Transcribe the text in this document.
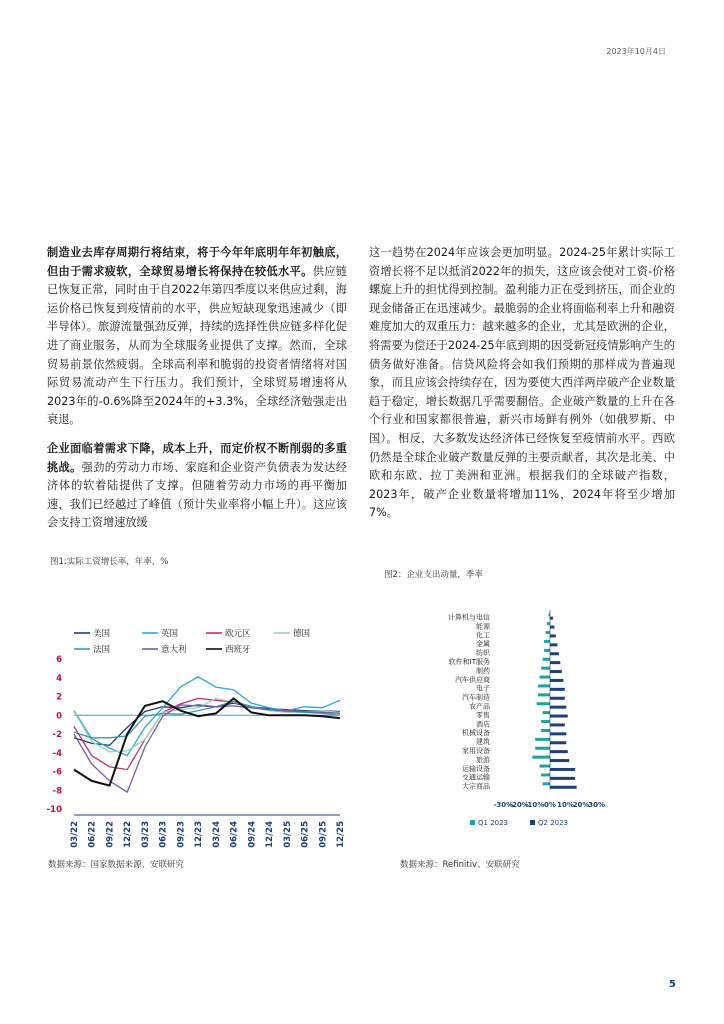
2023年10月4日

制造业去库存周期行将结束，将于今年年底明年年初触底，但由于需求疲软，全球贸易增长将保持在较低水平。供应链已恢复正常，同时由于自2022年第四季度以来供应过剩，海运价格已恢复到疫情前的水平，供应短缺现象迅速减少（即半导体）。旅游流量强劲反弹，持续的选择性供应链多样化促进了商业服务，从而为全球服务业提供了支撑。然而，全球贸易前景依然疲弱。全球高利率和脆弱的投资者情绪将对国际贸易流动产生下行压力。我们预计，全球贸易增速将从2023年的-0.6%降至2024年的+3.3%，全球经济勉强走出衰退。

企业面临着需求下降，成本上升，而定价权不断削弱的多重挑战。强劲的劳动力市场、家庭和企业资产负债表为发达经济体的软着陆提供了支撑。但随着劳动力市场的再平衡加速，我们已经越过了峰值（预计失业率将小幅上升）。这应该会支持工资增速放缓

这一趋势在2024年应该会更加明显。2024-25年累计实际工资增长将不足以抵消2022年的损失，这应该会使对工资-价格螺旋上升的担忧得到控制。盈利能力正在受到挤压，而企业的现金储备正在迅速减少。最脆弱的企业将面临利率上升和融资难度加大的双重压力：越来越多的企业，尤其是欧洲的企业，将需要为偿还于2024-25年底到期的因受新冠疫情影响产生的债务做好准备。信贷风险将会如我们预期的那样成为普遍现象，而且应该会持续存在，因为要使大西洋两岸破产企业数量趋于稳定，增长数据几乎需要翻倍。企业破产数量的上升在各个行业和国家都很普遍，新兴市场鲜有例外（如俄罗斯、中国）。相反，大多数发达经济体已经恢复至疫情前水平。西欧仍然是全球企业破产数量反弹的主要贡献者，其次是北美、中欧和东欧、拉丁美洲和亚洲。根据我们的全球破产指数，2023年，破产企业数量将增加11%，2024年将至少增加7%。

图1:实际工资增长率，年率，%
图2：企业支出动量，季率
美国	英国	欧元区	德国
法国	意大利	西班牙
6
4
2
0
-2
-4
-6
-8
-10
03/22 06/22 09/22 12/22 03/23 06/23 09/23 12/23 03/24 06/24 09/24 12/24 03/25 06/25 09/25 12/25
计算机与电信
能源
化工
金属
纺织
软件和IT服务
制药
汽车供应商
电子
汽车制造
农产品
零售
酒店
机械设备
建筑
家用设备
旅游
运输设备
交通运输
大宗商品
-30%
-20%
-10% 0% 10%
20%
30%
Q1 2023	Q2 2023
数据来源：国家数据来源、安联研究	数据来源：Refinitiv、安联研究
5
